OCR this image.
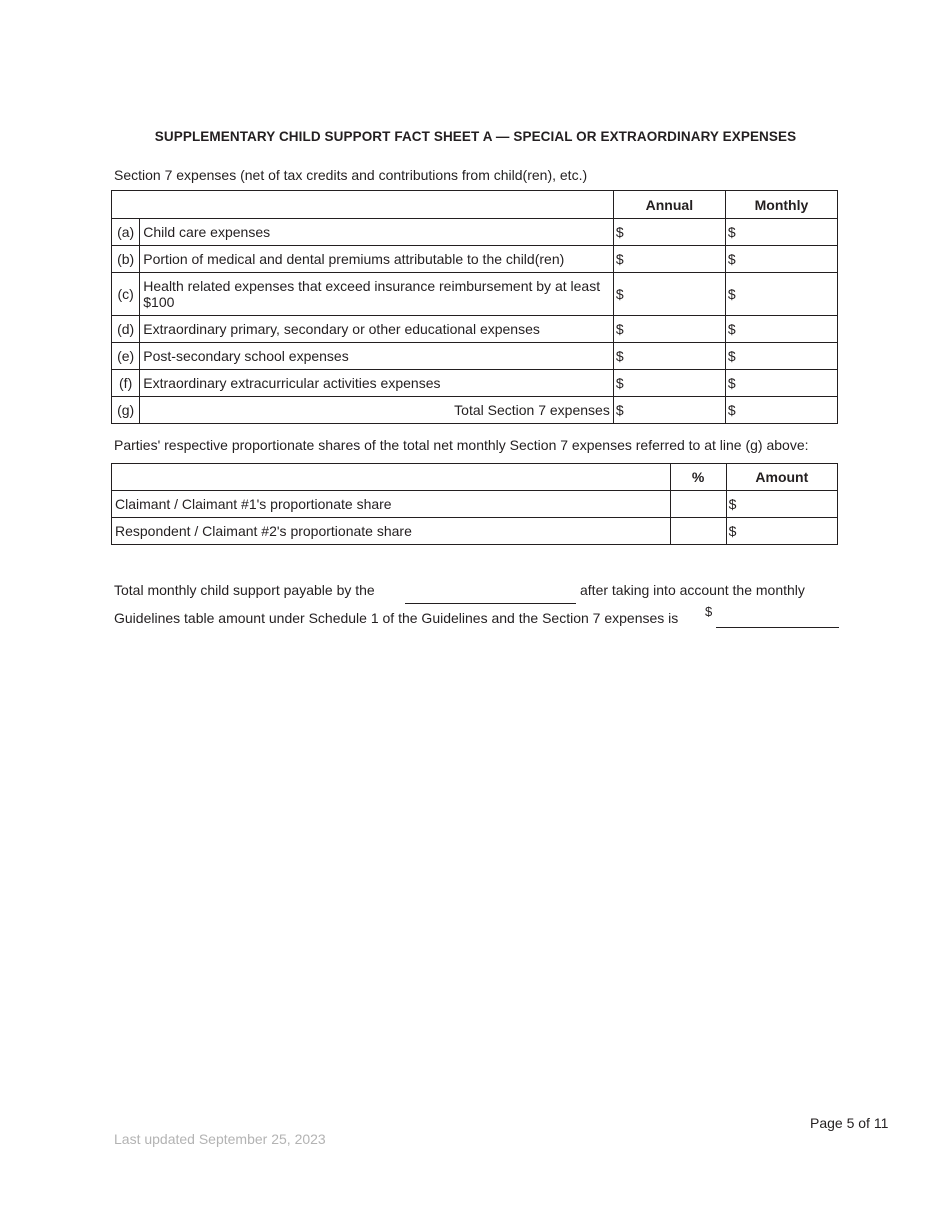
SUPPLEMENTARY CHILD SUPPORT FACT SHEET A — SPECIAL OR EXTRAORDINARY EXPENSES
Section 7 expenses (net of tax credits and contributions from child(ren), etc.)
		Annual	Monthly
(a)	Child care expenses	$	$
(b)	Portion of medical and dental premiums attributable to the child(ren)	$	$
(c)	Health related expenses that exceed insurance reimbursement by at least $100	$	$
(d)	Extraordinary primary, secondary or other educational expenses	$	$
(e)	Post-secondary school expenses	$	$
(f)	Extraordinary extracurricular activities expenses	$	$
(g)	Total Section 7 expenses	$	$
Parties' respective proportionate shares of the total net monthly Section 7 expenses referred to at line (g) above:
	%	Amount
Claimant / Claimant #1's proportionate share		$
Respondent / Claimant #2's proportionate share		$
Total monthly child support payable by the	after taking into account the monthly
Guidelines table amount under Schedule 1 of the Guidelines and the Section 7 expenses is $
Page 5 of 11
Last updated September 25, 2023
